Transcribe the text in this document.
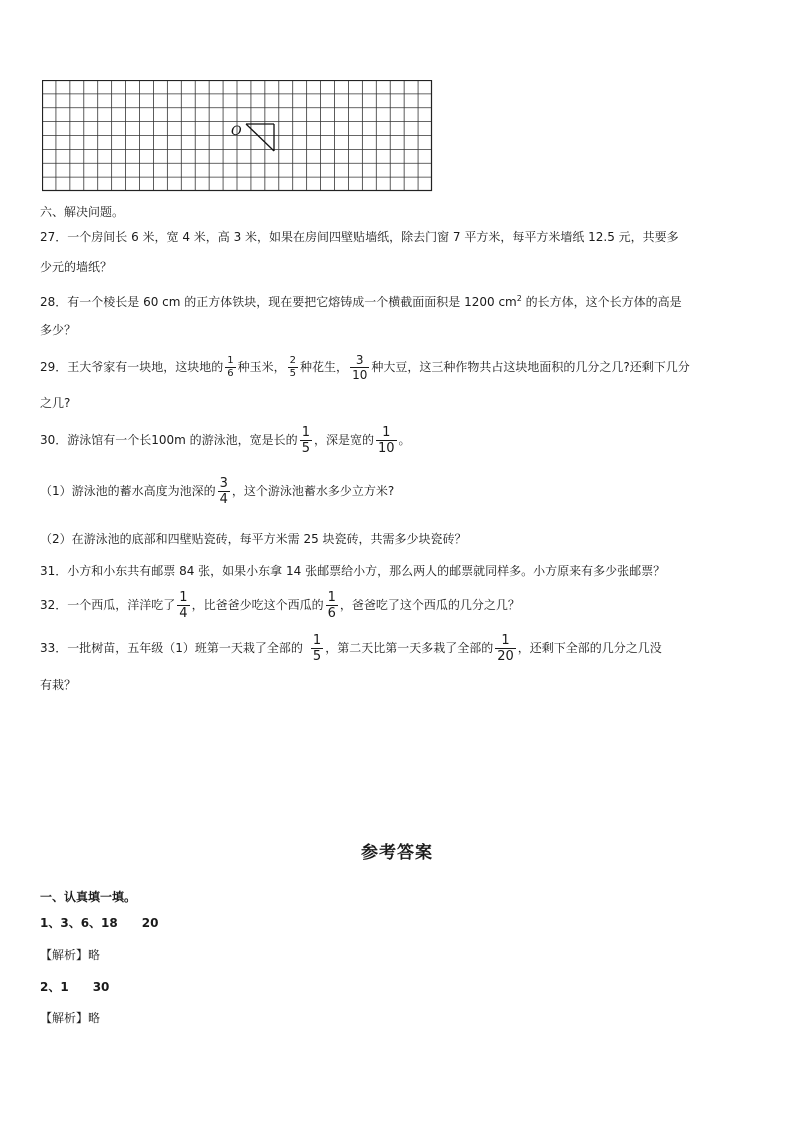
O
六、解决问题。
27．一个房间长 6 米，宽 4 米，高 3 米，如果在房间四壁贴墙纸，除去门窗 7 平方米，每平方米墙纸 12.5 元，共要多
少元的墙纸？
28．有一个棱长是 60 cm 的正方体铁块，现在要把它熔铸成一个横截面面积是 1200 $cm^2$ 的长方体，这个长方体的高是
多少？
29．王大爷家有一块地，这块地的 $\frac{1}{6}$ 种玉米， $\frac{2}{5}$ 种花生， $\frac{3}{10}$ 种大豆，这三种作物共占这块地面积的几分之几?还剩下几分
之几?
30．游泳馆有一个长100m 的游泳池，宽是长的 $\frac{1}{5}$ ，深是宽的 $\frac{1}{10}$ 。
（1）游泳池的蓄水高度为池深的 $\frac{3}{4}$ ，这个游泳池蓄水多少立方米?
（2）在游泳池的底部和四壁贴瓷砖，每平方米需 25 块瓷砖，共需多少块瓷砖？
31．小方和小东共有邮票 84 张，如果小东拿 14 张邮票给小方，那么两人的邮票就同样多。小方原来有多少张邮票？
32．一个西瓜，洋洋吃了 $\frac{1}{4}$ ，比爸爸少吃这个西瓜的 $\frac{1}{6}$ ，爸爸吃了这个西瓜的几分之几？
33．一批树苗，五年级（1）班第一天栽了全部的 $\frac{1}{5}$ ，第二天比第一天多栽了全部的 $\frac{1}{20}$ ，还剩下全部的几分之几没
有栽？
参考答案
一、认真填一填。
1、3、6、18　　20
【解析】略
2、1　　30
【解析】略
